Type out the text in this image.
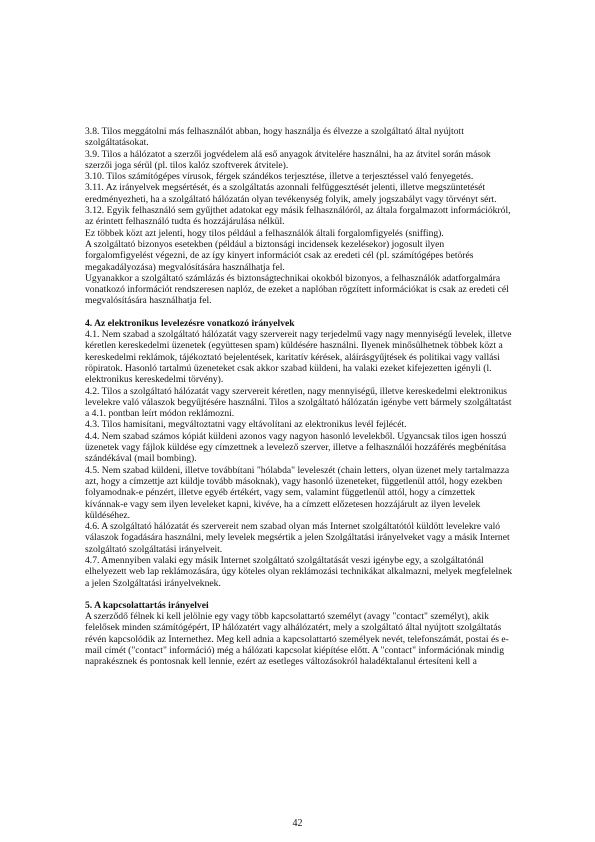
3.8. Tilos meggátolni más felhasználót abban, hogy használja és élvezze a szolgáltató által nyújtott szolgáltatásokat.

3.9. Tilos a hálózatot a szerzői jogvédelem alá eső anyagok átvitelére használni, ha az átvitel során mások szerzői joga sérül (pl. tilos kalóz szoftverek átvitele).

3.10. Tilos számítógépes vírusok, férgek szándékos terjesztése, illetve a terjesztéssel való fenyegetés.

3.11. Az irányelvek megsértését, és a szolgáltatás azonnali felfüggesztését jelenti, illetve megszüntetését eredményezheti, ha a szolgáltató hálózatán olyan tevékenység folyik, amely jogszabályt vagy törvényt sért.

3.12. Egyik felhasználó sem gyűjthet adatokat egy másik felhasználóról, az általa forgalmazott információkról, az érintett felhasználó tudta és hozzájárulása nélkül.

Ez többek közt azt jelenti, hogy tilos például a felhasználók általi forgalomfigyelés (sniffing).

A szolgáltató bizonyos esetekben (például a biztonsági incidensek kezelésekor) jogosult ilyen forgalomfigyelést végezni, de az így kinyert információt csak az eredeti cél (pl. számítógépes betörés megakadályozása) megvalósítására használhatja fel.

Ugyanakkor a szolgáltató számlázás és biztonságtechnikai okokból bizonyos, a felhasználók adatforgalmára vonatkozó információt rendszeresen naplóz, de ezeket a naplóban rögzített információkat is csak az eredeti cél megvalósítására használhatja fel.

4. Az elektronikus levelezésre vonatkozó irányelvek

4.1. Nem szabad a szolgáltató hálózatát vagy szervereit nagy terjedelmű vagy nagy mennyiségű levelek, illetve kéretlen kereskedelmi üzenetek (együttesen spam) küldésére használni. Ilyenek minősülhetnek többek közt a kereskedelmi reklámok, tájékoztató bejelentések, karitatív kérések, aláírásgyűjtések és politikai vagy vallási röpiratok. Hasonló tartalmú üzeneteket csak akkor szabad küldeni, ha valaki ezeket kifejezetten igényli (l. elektronikus kereskedelmi törvény).

4.2. Tilos a szolgáltató hálózatát vagy szervereit kéretlen, nagy mennyiségű, illetve kereskedelmi elektronikus levelekre való válaszok begyűjtésére használni. Tilos a szolgáltató hálózatán igénybe vett bármely szolgáltatást a 4.1. pontban leírt módon reklámozni.

4.3. Tilos hamisítani, megváltoztatni vagy eltávolítani az elektronikus levél fejlécét.

4.4. Nem szabad számos kópiát küldeni azonos vagy nagyon hasonló levelekből. Ugyancsak tilos igen hosszú üzenetek vagy fájlok küldése egy címzettnek a levelező szerver, illetve a felhasználói hozzáférés megbénítása szándékával (mail bombing).

4.5. Nem szabad küldeni, illetve továbbítani "hólabda" leveleszét (chain letters, olyan üzenet mely tartalmazza azt, hogy a címzettje azt küldje tovább másoknak), vagy hasonló üzeneteket, függetlenül attól, hogy ezekben folyamodnak-e pénzért, illetve egyéb értékért, vagy sem, valamint függetlenül attól, hogy a címzettek kívánnak-e vagy sem ilyen leveleket kapni, kivéve, ha a címzett előzetesen hozzájárult az ilyen levelek küldéséhez.

4.6. A szolgáltató hálózatát és szervereit nem szabad olyan más Internet szolgáltatótól küldött levelekre való válaszok fogadására használni, mely levelek megsértik a jelen Szolgáltatási irányelveket vagy a másik Internet szolgáltató szolgáltatási irányelveit.

4.7. Amennyiben valaki egy másik Internet szolgáltató szolgáltatását veszi igénybe egy, a szolgáltatónál elhelyezett web lap reklámozására, úgy köteles olyan reklámozási technikákat alkalmazni, melyek megfelelnek a jelen Szolgáltatási irányelveknek.

5. A kapcsolattartás irányelvei

A szerződő félnek ki kell jelölnie egy vagy több kapcsolattartó személyt (avagy "contact" személyt), akik felelősek minden számítógépért, IP hálózatért vagy alhálózatért, mely a szolgáltató által nyújtott szolgáltatás révén kapcsolódik az Internethez. Meg kell adnia a kapcsolattartó személyek nevét, telefonszámát, postai és e-mail címét ("contact" információ) még a hálózati kapcsolat kiépítése előtt. A "contact" információnak mindig naprakésznek és pontosnak kell lennie, ezért az esetleges változásokról haladéktalanul értesíteni kell a

42
